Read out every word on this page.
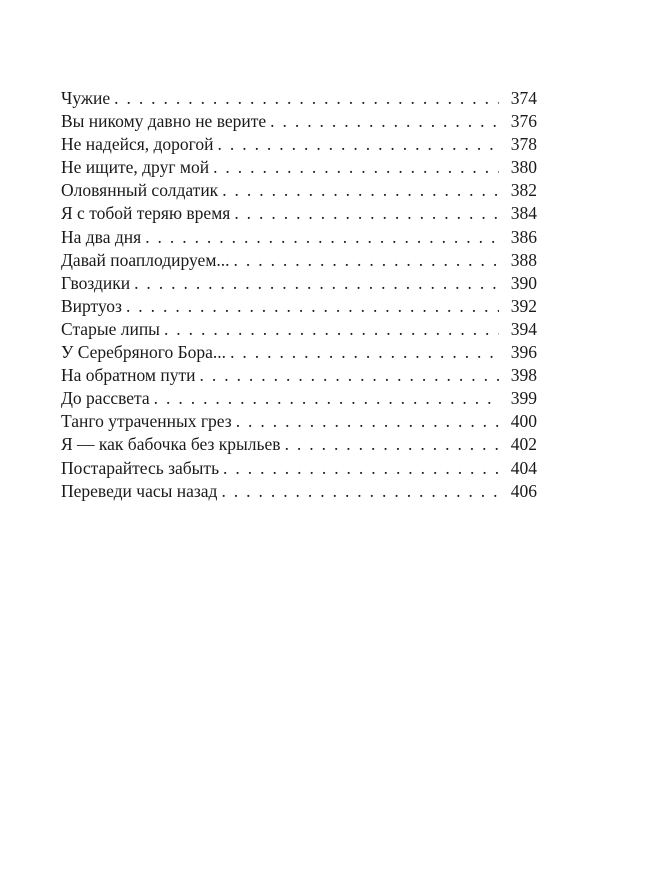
Чужие . . .	374
Вы никому давно не верите . . .	376
Не надейся, дорогой . . .	378
Не ищите, друг мой . . .	380
Оловянный солдатик . . .	382
Я с тобой теряю время . . .	384
На два дня . . .	386
Давай поаплодируем... . . .	388
Гвоздики . . .	390
Виртуоз . . .	392
Старые липы . . .	394
У Серебряного Бора... . . .	396
На обратном пути . . .	398
До рассвета . . .	399
Танго утраченных грез . . .	400
Я — как бабочка без крыльев . . .	402
Постарайтесь забыть . . .	404
Переведи часы назад . . .	406
